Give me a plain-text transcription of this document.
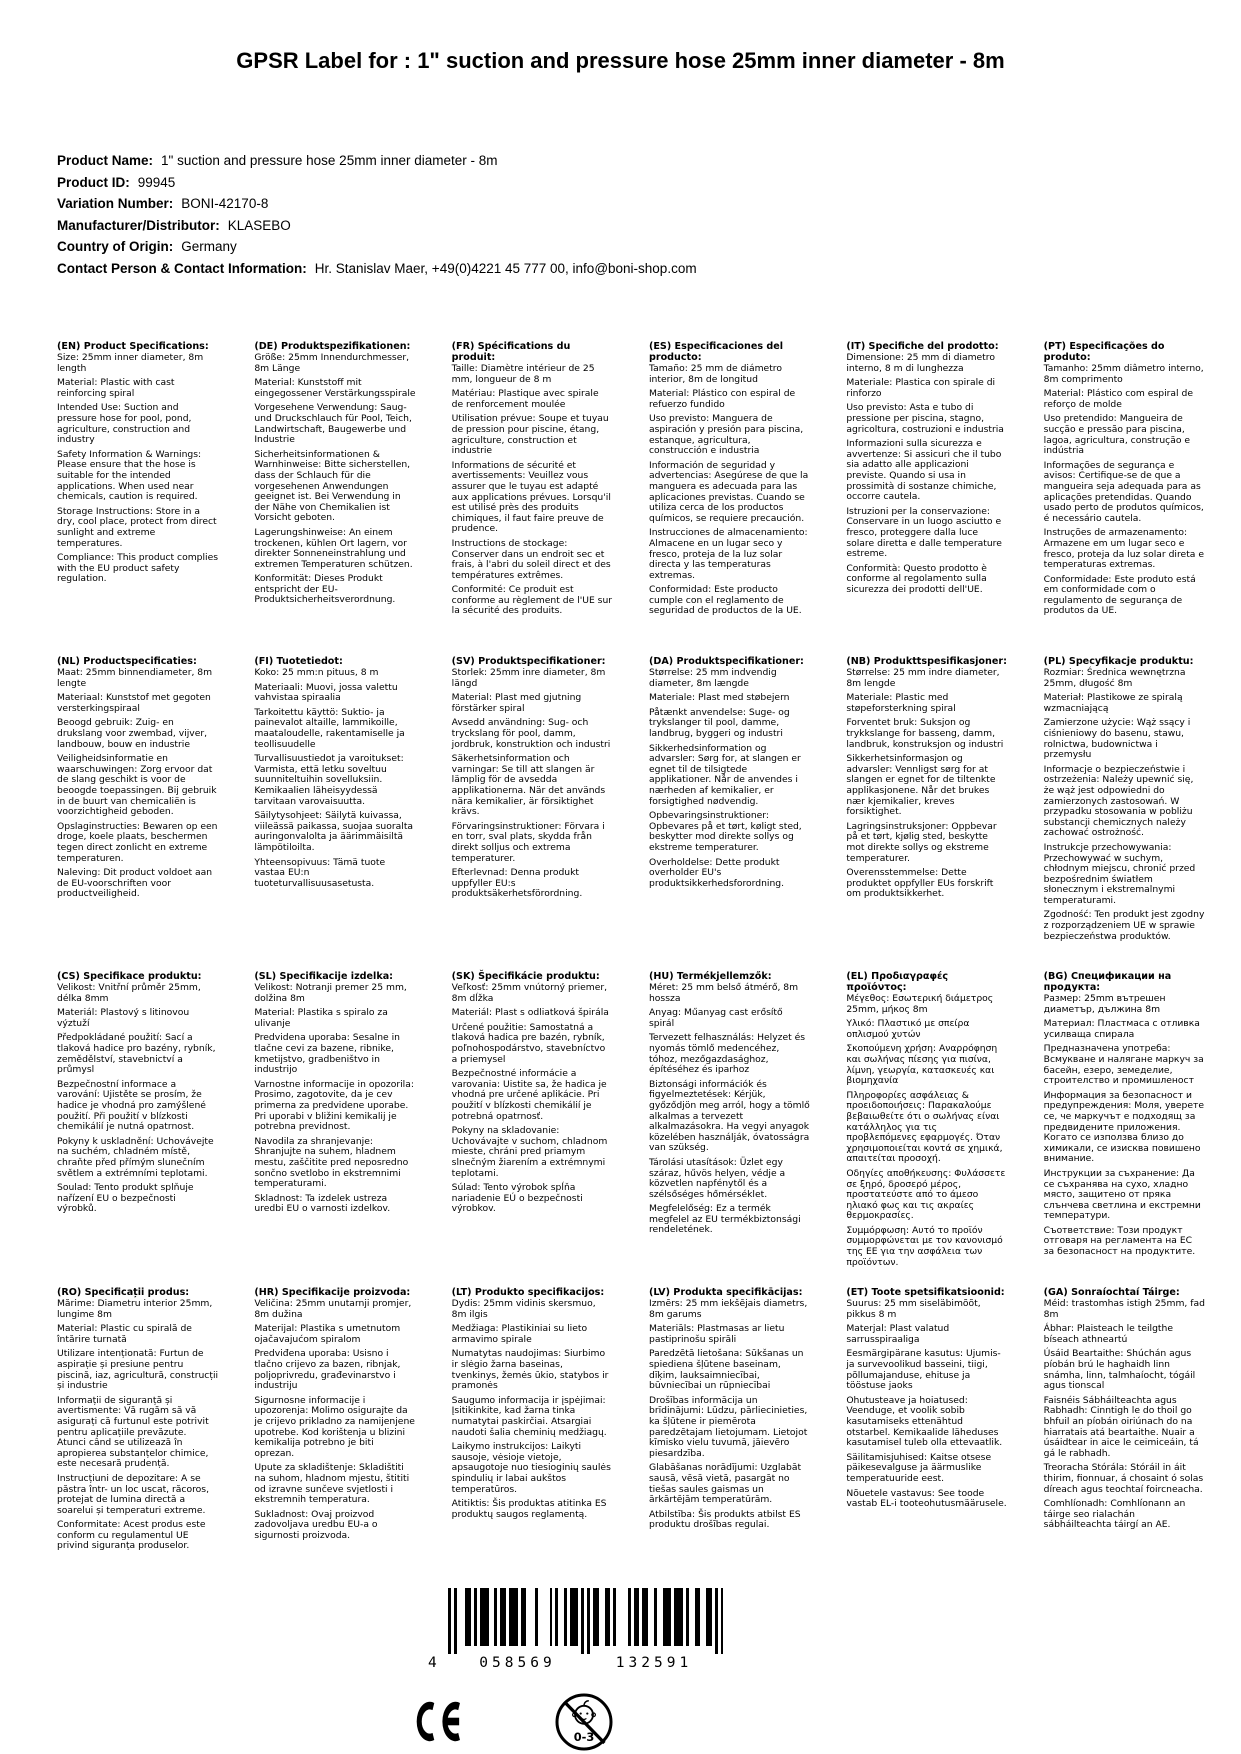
GPSR Label for : 1" suction and pressure hose 25mm inner diameter - 8m
Product Name: 1" suction and pressure hose 25mm inner diameter - 8m
Product ID: 99945
Variation Number: BONI-42170-8
Manufacturer/Distributor: KLASEBO
Country of Origin: Germany
Contact Person & Contact Information: Hr. Stanislav Maer, +49(0)4221 45 777 00, info@boni-shop.com
(EN) Product Specifications:
Size: 25mm inner diameter, 8m length
Material: Plastic with cast reinforcing spiral
Intended Use: Suction and pressure hose for pool, pond, agriculture, construction and industry
Safety Information & Warnings: Please ensure that the hose is suitable for the intended applications. When used near chemicals, caution is required.
Storage Instructions: Store in a dry, cool place, protect from direct sunlight and extreme temperatures.
Compliance: This product complies with the EU product safety regulation.
(DE) Produktspezifikationen:
Größe: 25mm Innendurchmesser, 8m Länge
Material: Kunststoff mit eingegossener Verstärkungsspirale
Vorgesehene Verwendung: Saug- und Druckschlauch für Pool, Teich, Landwirtschaft, Baugewerbe und Industrie
Sicherheitsinformationen & Warnhinweise: Bitte sicherstellen, dass der Schlauch für die vorgesehenen Anwendungen geeignet ist. Bei Verwendung in der Nähe von Chemikalien ist Vorsicht geboten.
Lagerungshinweise: An einem trockenen, kühlen Ort lagern, vor direkter Sonneneinstrahlung und extremen Temperaturen schützen.
Konformität: Dieses Produkt entspricht der EU-Produktsicherheitsverordnung.
(FR) Spécifications du produit:
Taille: Diamètre intérieur de 25 mm, longueur de 8 m
Matériau: Plastique avec spirale de renforcement moulée
Utilisation prévue: Soupe et tuyau de pression pour piscine, étang, agriculture, construction et industrie
Informations de sécurité et avertissements: Veuillez vous assurer que le tuyau est adapté aux applications prévues. Lorsqu'il est utilisé près des produits chimiques, il faut faire preuve de prudence.
Instructions de stockage: Conserver dans un endroit sec et frais, à l'abri du soleil direct et des températures extrêmes.
Conformité: Ce produit est conforme au règlement de l'UE sur la sécurité des produits.
(ES) Especificaciones del producto:
Tamaño: 25 mm de diámetro interior, 8m de longitud
Material: Plástico con espiral de refuerzo fundido
Uso previsto: Manguera de aspiración y presión para piscina, estanque, agricultura, construcción e industria
Información de seguridad y advertencias: Asegúrese de que la manguera es adecuada para las aplicaciones previstas. Cuando se utiliza cerca de los productos químicos, se requiere precaución.
Instrucciones de almacenamiento: Almacene en un lugar seco y fresco, proteja de la luz solar directa y las temperaturas extremas.
Conformidad: Este producto cumple con el reglamento de seguridad de productos de la UE.
(IT) Specifiche del prodotto:
Dimensione: 25 mm di diametro interno, 8 m di lunghezza
Materiale: Plastica con spirale di rinforzo
Uso previsto: Asta e tubo di pressione per piscina, stagno, agricoltura, costruzioni e industria
Informazioni sulla sicurezza e avvertenze: Si assicuri che il tubo sia adatto alle applicazioni previste. Quando si usa in prossimità di sostanze chimiche, occorre cautela.
Istruzioni per la conservazione: Conservare in un luogo asciutto e fresco, proteggere dalla luce solare diretta e dalle temperature estreme.
Conformità: Questo prodotto è conforme al regolamento sulla sicurezza dei prodotti dell'UE.
(PT) Especificações do produto:
Tamanho: 25mm diâmetro interno, 8m comprimento
Material: Plástico com espiral de reforço de molde
Uso pretendido: Mangueira de sucção e pressão para piscina, lagoa, agricultura, construção e indústria
Informações de segurança e avisos: Certifique-se de que a mangueira seja adequada para as aplicações pretendidas. Quando usado perto de produtos químicos, é necessário cautela.
Instruções de armazenamento: Armazene em um lugar seco e fresco, proteja da luz solar direta e temperaturas extremas.
Conformidade: Este produto está em conformidade com o regulamento de segurança de produtos da UE.
(NL) Productspecificaties:
Maat: 25mm binnendiameter, 8m lengte
Materiaal: Kunststof met gegoten versterkingspiraal
Beoogd gebruik: Zuig- en drukslang voor zwembad, vijver, landbouw, bouw en industrie
Veiligheidsinformatie en waarschuwingen: Zorg ervoor dat de slang geschikt is voor de beoogde toepassingen. Bij gebruik in de buurt van chemicaliën is voorzichtigheid geboden.
Opslaginstructies: Bewaren op een droge, koele plaats, beschermen tegen direct zonlicht en extreme temperaturen.
Naleving: Dit product voldoet aan de EU-voorschriften voor productveiligheid.
(FI) Tuotetiedot:
Koko: 25 mm:n pituus, 8 m
Materiaali: Muovi, jossa valettu vahvistaa spiraalia
Tarkoitettu käyttö: Suktio- ja painevalot altaille, lammikoille, maataloudelle, rakentamiselle ja teollisuudelle
Turvallisuustiedot ja varoitukset: Varmista, että letku soveltuu suunniteltuihin sovelluksiin. Kemikaalien läheisyydessä tarvitaan varovaisuutta.
Säilytysohjeet: Säilytä kuivassa, viileässä paikassa, suojaa suoralta auringonvalolta ja äärimmäisiltä lämpötiloilta.
Yhteensopivuus: Tämä tuote vastaa EU:n tuoteturvallisuusasetusta.
(SV) Produktspecifikationer:
Storlek: 25mm inre diameter, 8m längd
Material: Plast med gjutning förstärker spiral
Avsedd användning: Sug- och tryckslang för pool, damm, jordbruk, konstruktion och industri
Säkerhetsinformation och varningar: Se till att slangen är lämplig för de avsedda applikationerna. När det används nära kemikalier, är försiktighet krävs.
Förvaringsinstruktioner: Förvara i en torr, sval plats, skydda från direkt solljus och extrema temperaturer.
Efterlevnad: Denna produkt uppfyller EU:s produktsäkerhetsförordning.
(DA) Produktspecifikationer:
Størrelse: 25 mm indvendig diameter, 8m længde
Materiale: Plast med støbejern
Påtænkt anvendelse: Suge- og trykslanger til pool, damme, landbrug, byggeri og industri
Sikkerhedsinformation og advarsler: Sørg for, at slangen er egnet til de tilsigtede applikationer. Når de anvendes i nærheden af kemikalier, er forsigtighed nødvendig.
Opbevaringsinstruktioner: Opbevares på et tørt, køligt sted, beskytter mod direkte sollys og ekstreme temperaturer.
Overholdelse: Dette produkt overholder EU's produktsikkerhedsforordning.
(NB) Produkttspesifikasjoner:
Størrelse: 25 mm indre diameter, 8m lengde
Materiale: Plastic med støpeforsterkning spiral
Forventet bruk: Suksjon og trykkslange for basseng, damm, landbruk, konstruksjon og industri
Sikkerhetsinformasjon og advarsler: Vennligst sørg for at slangen er egnet for de tiltenkte applikasjonene. Når det brukes nær kjemikalier, kreves forsiktighet.
Lagringsinstruksjoner: Oppbevar på et tørt, kjølig sted, beskytte mot direkte sollys og ekstreme temperaturer.
Overensstemmelse: Dette produktet oppfyller EUs forskrift om produktsikkerhet.
(PL) Specyfikacje produktu:
Rozmiar: Średnica wewnętrzna 25mm, długość 8m
Materiał: Plastikowe ze spiralą wzmacniającą
Zamierzone użycie: Wąż ssący i ciśnieniowy do basenu, stawu, rolnictwa, budownictwa i przemysłu
Informacje o bezpieczeństwie i ostrzeżenia: Należy upewnić się, że wąż jest odpowiedni do zamierzonych zastosowań. W przypadku stosowania w pobliżu substancji chemicznych należy zachować ostrożność.
Instrukcje przechowywania: Przechowywać w suchym, chłodnym miejscu, chronić przed bezpośrednim światłem słonecznym i ekstremalnymi temperaturami.
Zgodność: Ten produkt jest zgodny z rozporządzeniem UE w sprawie bezpieczeństwa produktów.
(CS) Specifikace produktu:
Velikost: Vnitřní průměr 25mm, délka 8mm
Materiál: Plastový s litinovou výztuží
Předpokládané použití: Sací a tlaková hadice pro bazény, rybník, zemědělství, stavebnictví a průmysl
Bezpečnostní informace a varování: Ujistěte se prosím, že hadice je vhodná pro zamýšlené použití. Při použití v blízkosti chemikálií je nutná opatrnost.
Pokyny k uskladnění: Uchovávejte na suchém, chladném místě, chraňte před přímým slunečním světlem a extrémními teplotami.
Soulad: Tento produkt splňuje nařízení EU o bezpečnosti výrobků.
(SL) Specifikacije izdelka:
Velikost: Notranji premer 25 mm, dolžina 8m
Material: Plastika s spiralo za ulivanje
Predvidena uporaba: Sesalne in tlačne cevi za bazene, ribnike, kmetijstvo, gradbeništvo in industrijo
Varnostne informacije in opozorila: Prosimo, zagotovite, da je cev primerna za predvidene uporabe. Pri uporabi v bližini kemikalij je potrebna previdnost.
Navodila za shranjevanje: Shranjujte na suhem, hladnem mestu, zaščitite pred neposredno sončno svetlobo in ekstremnimi temperaturami.
Skladnost: Ta izdelek ustreza uredbi EU o varnosti izdelkov.
(SK) Špecifikácie produktu:
Veľkosť: 25mm vnútorný priemer, 8m dĺžka
Materiál: Plast s odliatková špirála
Určené použitie: Samostatná a tlaková hadica pre bazén, rybník, poľnohospodárstvo, stavebníctvo a priemysel
Bezpečnostné informácie a varovania: Uistite sa, že hadica je vhodná pre určené aplikácie. Pri použití v blízkosti chemikálií je potrebná opatrnosť.
Pokyny na skladovanie: Uchovávajte v suchom, chladnom mieste, chráni pred priamym slnečným žiarením a extrémnymi teplotami.
Súlad: Tento výrobok spĺňa nariadenie EÚ o bezpečnosti výrobkov.
(HU) Termékjellemzők:
Méret: 25 mm belső átmérő, 8m hossza
Anyag: Műanyag cast erősítő spirál
Tervezett felhasználás: Helyzet és nyomás tömlő medencéhez, tóhoz, mezőgazdasághoz, építéséhez és iparhoz
Biztonsági információk és figyelmeztetések: Kérjük, győződjön meg arról, hogy a tömlő alkalmas a tervezett alkalmazásokra. Ha vegyi anyagok közelében használják, óvatosságra van szükség.
Tárolási utasítások: Üzlet egy száraz, hűvös helyen, védje a közvetlen napfénytől és a szélsőséges hőmérséklet.
Megfelelőség: Ez a termék megfelel az EU termékbiztonsági rendeletének.
(EL) Προδιαγραφές προϊόντος:
Μέγεθος: Εσωτερική διάμετρος 25mm, μήκος 8m
Υλικό: Πλαστικό με σπείρα οπλισμού χυτών
Σκοπούμενη χρήση: Αναρρόφηση και σωλήνας πίεσης για πισίνα, λίμνη, γεωργία, κατασκευές και βιομηχανία
Πληροφορίες ασφάλειας & προειδοποιήσεις: Παρακαλούμε βεβαιωθείτε ότι ο σωλήνας είναι κατάλληλος για τις προβλεπόμενες εφαρμογές. Όταν χρησιμοποιείται κοντά σε χημικά, απαιτείται προσοχή.
Οδηγίες αποθήκευσης: Φυλάσσετε σε ξηρό, δροσερό μέρος, προστατεύστε από το άμεσο ηλιακό φως και τις ακραίες θερμοκρασίες.
Συμμόρφωση: Αυτό το προϊόν συμμορφώνεται με τον κανονισμό της ΕΕ για την ασφάλεια των προϊόντων.
(BG) Спецификации на продукта:
Размер: 25mm вътрешен диаметър, дължина 8m
Материал: Пластмаса с отливка усилваща спирала
Предназначена употреба: Всмукване и налягане маркуч за басейн, езеро, земеделие, строителство и промишленост
Информация за безопасност и предупреждения: Моля, уверете се, че маркучът е подходящ за предвидените приложения. Когато се използва близо до химикали, се изисква повишено внимание.
Инструкции за съхранение: Да се съхранява на сухо, хладно място, защитено от пряка слънчева светлина и екстремни температури.
Съответствие: Този продукт отговаря на регламента на ЕС за безопасност на продуктите.
(RO) Specificații produs:
Mărime: Diametru interior 25mm, lungime 8m
Material: Plastic cu spirală de întărire turnată
Utilizare intenționată: Furtun de aspirație și presiune pentru piscină, iaz, agricultură, construcții și industrie
Informații de siguranță și avertismente: Vă rugăm să vă asigurați că furtunul este potrivit pentru aplicațiile prevăzute. Atunci când se utilizează în apropierea substanțelor chimice, este necesară prudență.
Instrucțiuni de depozitare: A se păstra într- un loc uscat, răcoros, protejat de lumina directă a soarelui și temperaturi extreme.
Conformitate: Acest produs este conform cu regulamentul UE privind siguranța produselor.
(HR) Specifikacije proizvoda:
Veličina: 25mm unutarnji promjer, 8m dužina
Materijal: Plastika s umetnutom ojačavajućom spiralom
Predviđena uporaba: Usisno i tlačno crijevo za bazen, ribnjak, poljoprivredu, građevinarstvo i industriju
Sigurnosne informacije i upozorenja: Molimo osigurajte da je crijevo prikladno za namijenjene upotrebe. Kod korištenja u blizini kemikalija potrebno je biti oprezan.
Upute za skladištenje: Skladištiti na suhom, hladnom mjestu, štititi od izravne sunčeve svjetlosti i ekstremnih temperatura.
Sukladnost: Ovaj proizvod zadovoljava uredbu EU-a o sigurnosti proizvoda.
(LT) Produkto specifikacijos:
Dydis: 25mm vidinis skersmuo, 8m ilgis
Medžiaga: Plastikiniai su lieto armavimo spirale
Numatytas naudojimas: Siurbimo ir slėgio žarna baseinas, tvenkinys, žemės ūkio, statybos ir pramonės
Saugumo informacija ir įspėjimai: Įsitikinkite, kad žarna tinka numatytai paskirčiai. Atsargiai naudoti šalia cheminių medžiagų.
Laikymo instrukcijos: Laikyti sausoje, vėsioje vietoje, apsaugotoje nuo tiesioginių saulės spindulių ir labai aukštos temperatūros.
Atitiktis: Šis produktas atitinka ES produktų saugos reglamentą.
(LV) Produkta specifikācijas:
Izmērs: 25 mm iekšējais diametrs, 8m garums
Materiāls: Plastmasas ar lietu pastiprinošu spirāli
Paredzētā lietošana: Sūkšanas un spiediena šļūtene baseinam, dīķim, lauksaimniecībai, būvniecībai un rūpniecībai
Drošības informācija un brīdinājumi: Lūdzu, pārliecinieties, ka šļūtene ir piemērota paredzētajam lietojumam. Lietojot kīmisko vielu tuvumā, jāievēro piesardzība.
Glabāšanas norādījumi: Uzglabāt sausā, vēsā vietā, pasargāt no tiešas saules gaismas un ārkārtējām temperatūrām.
Atbilstība: Šis produkts atbilst ES produktu drošības regulai.
(ET) Toote spetsifikatsioonid:
Suurus: 25 mm siseläbimõõt, pikkus 8 m
Materjal: Plast valatud sarrusspiraaliga
Eesmärgipärane kasutus: Ujumis- ja survevoolikud basseini, tiigi, põllumajanduse, ehituse ja tööstuse jaoks
Ohutusteave ja hoiatused: Veenduge, et voolik sobib kasutamiseks ettenähtud otstarbel. Kemikaalide läheduses kasutamisel tuleb olla ettevaatlik.
Säilitamisjuhised: Kaitse otsese päikesevalguse ja äärmuslike temperatuuride eest.
Nõuetele vastavus: See toode vastab EL-i tooteohutusmäärusele.
(GA) Sonraíochtaí Táirge:
Méid: trastomhas istigh 25mm, fad 8m
Ábhar: Plaisteach le teilgthe bíseach athneartú
Úsáid Beartaithe: Shúchán agus píobán brú le haghaidh linn snámha, linn, talmhaíocht, tógáil agus tionscal
Faisnéis Sábháilteachta agus Rabhadh: Cinntigh le do thoil go bhfuil an píobán oiriúnach do na hiarratais atá beartaithe. Nuair a úsáidtear in aice le ceimiceáin, tá gá le rabhadh.
Treoracha Stórála: Stóráil in áit thirim, fionnuar, á chosaint ó solas díreach agus teochtaí foircneacha.
Comhlíonadh: Comhlíonann an táirge seo rialachán sábháilteachta táirgí an AE.
4	058569	132591
0-3
